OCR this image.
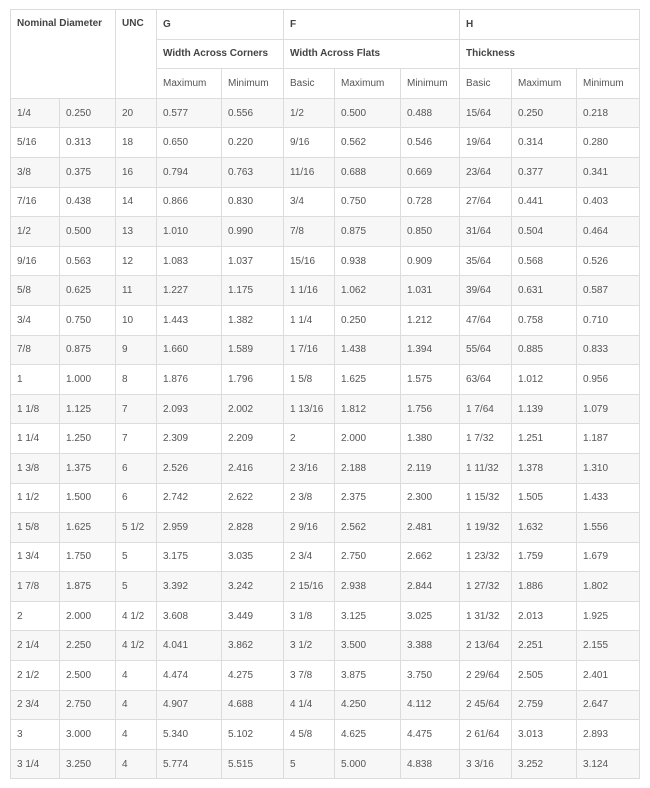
Nominal Diameter		UNC	G		F			H		
			Width Across Corners		Width Across Flats			Thickness		
			Maximum	Minimum	Basic	Maximum	Minimum	Basic	Maximum	Minimum
1/4	0.250	20	0.577	0.556	1/2	0.500	0.488	15/64	0.250	0.218
5/16	0.313	18	0.650	0.220	9/16	0.562	0.546	19/64	0.314	0.280
3/8	0.375	16	0.794	0.763	11/16	0.688	0.669	23/64	0.377	0.341
7/16	0.438	14	0.866	0.830	3/4	0.750	0.728	27/64	0.441	0.403
1/2	0.500	13	1.010	0.990	7/8	0.875	0.850	31/64	0.504	0.464
9/16	0.563	12	1.083	1.037	15/16	0.938	0.909	35/64	0.568	0.526
5/8	0.625	11	1.227	1.175	1 1/16	1.062	1.031	39/64	0.631	0.587
3/4	0.750	10	1.443	1.382	1 1/4	0.250	1.212	47/64	0.758	0.710
7/8	0.875	9	1.660	1.589	1 7/16	1.438	1.394	55/64	0.885	0.833
1	1.000	8	1.876	1.796	1 5/8	1.625	1.575	63/64	1.012	0.956
1 1/8	1.125	7	2.093	2.002	1 13/16	1.812	1.756	1 7/64	1.139	1.079
1 1/4	1.250	7	2.309	2.209	2	2.000	1.380	1 7/32	1.251	1.187
1 3/8	1.375	6	2.526	2.416	2 3/16	2.188	2.119	1 11/32	1.378	1.310
1 1/2	1.500	6	2.742	2.622	2 3/8	2.375	2.300	1 15/32	1.505	1.433
1 5/8	1.625	5 1/2	2.959	2.828	2 9/16	2.562	2.481	1 19/32	1.632	1.556
1 3/4	1.750	5	3.175	3.035	2 3/4	2.750	2.662	1 23/32	1.759	1.679
1 7/8	1.875	5	3.392	3.242	2 15/16	2.938	2.844	1 27/32	1.886	1.802
2	2.000	4 1/2	3.608	3.449	3 1/8	3.125	3.025	1 31/32	2.013	1.925
2 1/4	2.250	4 1/2	4.041	3.862	3 1/2	3.500	3.388	2 13/64	2.251	2.155
2 1/2	2.500	4	4.474	4.275	3 7/8	3.875	3.750	2 29/64	2.505	2.401
2 3/4	2.750	4	4.907	4.688	4 1/4	4.250	4.112	2 45/64	2.759	2.647
3	3.000	4	5.340	5.102	4 5/8	4.625	4.475	2 61/64	3.013	2.893
3 1/4	3.250	4	5.774	5.515	5	5.000	4.838	3 3/16	3.252	3.124
